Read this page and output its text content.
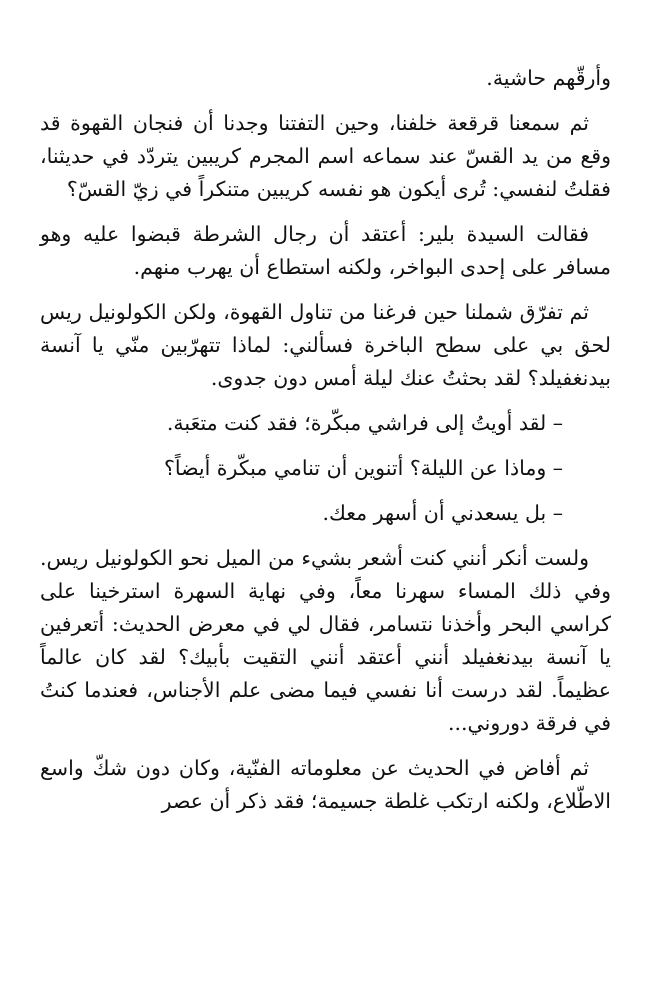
وأرقّهم حاشية.

ثم سمعنا قرقعة خلفنا، وحين التفتنا وجدنا أن فنجان القهوة قد وقع من يد القسّ عند سماعه اسم المجرم كريبين يتردّد في حديثنا، فقلتُ لنفسي: تُرى أيكون هو نفسه كريبين متنكراً في زيّ القسّ؟

فقالت السيدة بلير: أعتقد أن رجال الشرطة قبضوا عليه وهو مسافر على إحدى البواخر، ولكنه استطاع أن يهرب منهم.

ثم تفرّق شملنا حين فرغنا من تناول القهوة، ولكن الكولونيل ريس لحق بي على سطح الباخرة فسألني: لماذا تتهرّبين منّي يا آنسة بيدنغفيلد؟ لقد بحثتُ عنك ليلة أمس دون جدوى.

– لقد أويتُ إلى فراشي مبكّرة؛ فقد كنت متعَبة.

– وماذا عن الليلة؟ أتنوين أن تنامي مبكّرة أيضاً؟

– بل يسعدني أن أسهر معك.

ولست أنكر أنني كنت أشعر بشيء من الميل نحو الكولونيل ريس. وفي ذلك المساء سهرنا معاً، وفي نهاية السهرة استرخينا على كراسي البحر وأخذنا نتسامر، فقال لي في معرض الحديث: أتعرفين يا آنسة بيدنغفيلد أنني أعتقد أنني التقيت بأبيك؟ لقد كان عالماً عظيماً. لقد درست أنا نفسي فيما مضى علم الأجناس، فعندما كنتُ في فرقة دوروني...

ثم أفاض في الحديث عن معلوماته الفنّية، وكان دون شكّ واسع الاطّلاع، ولكنه ارتكب غلطة جسيمة؛ فقد ذكر أن عصر
